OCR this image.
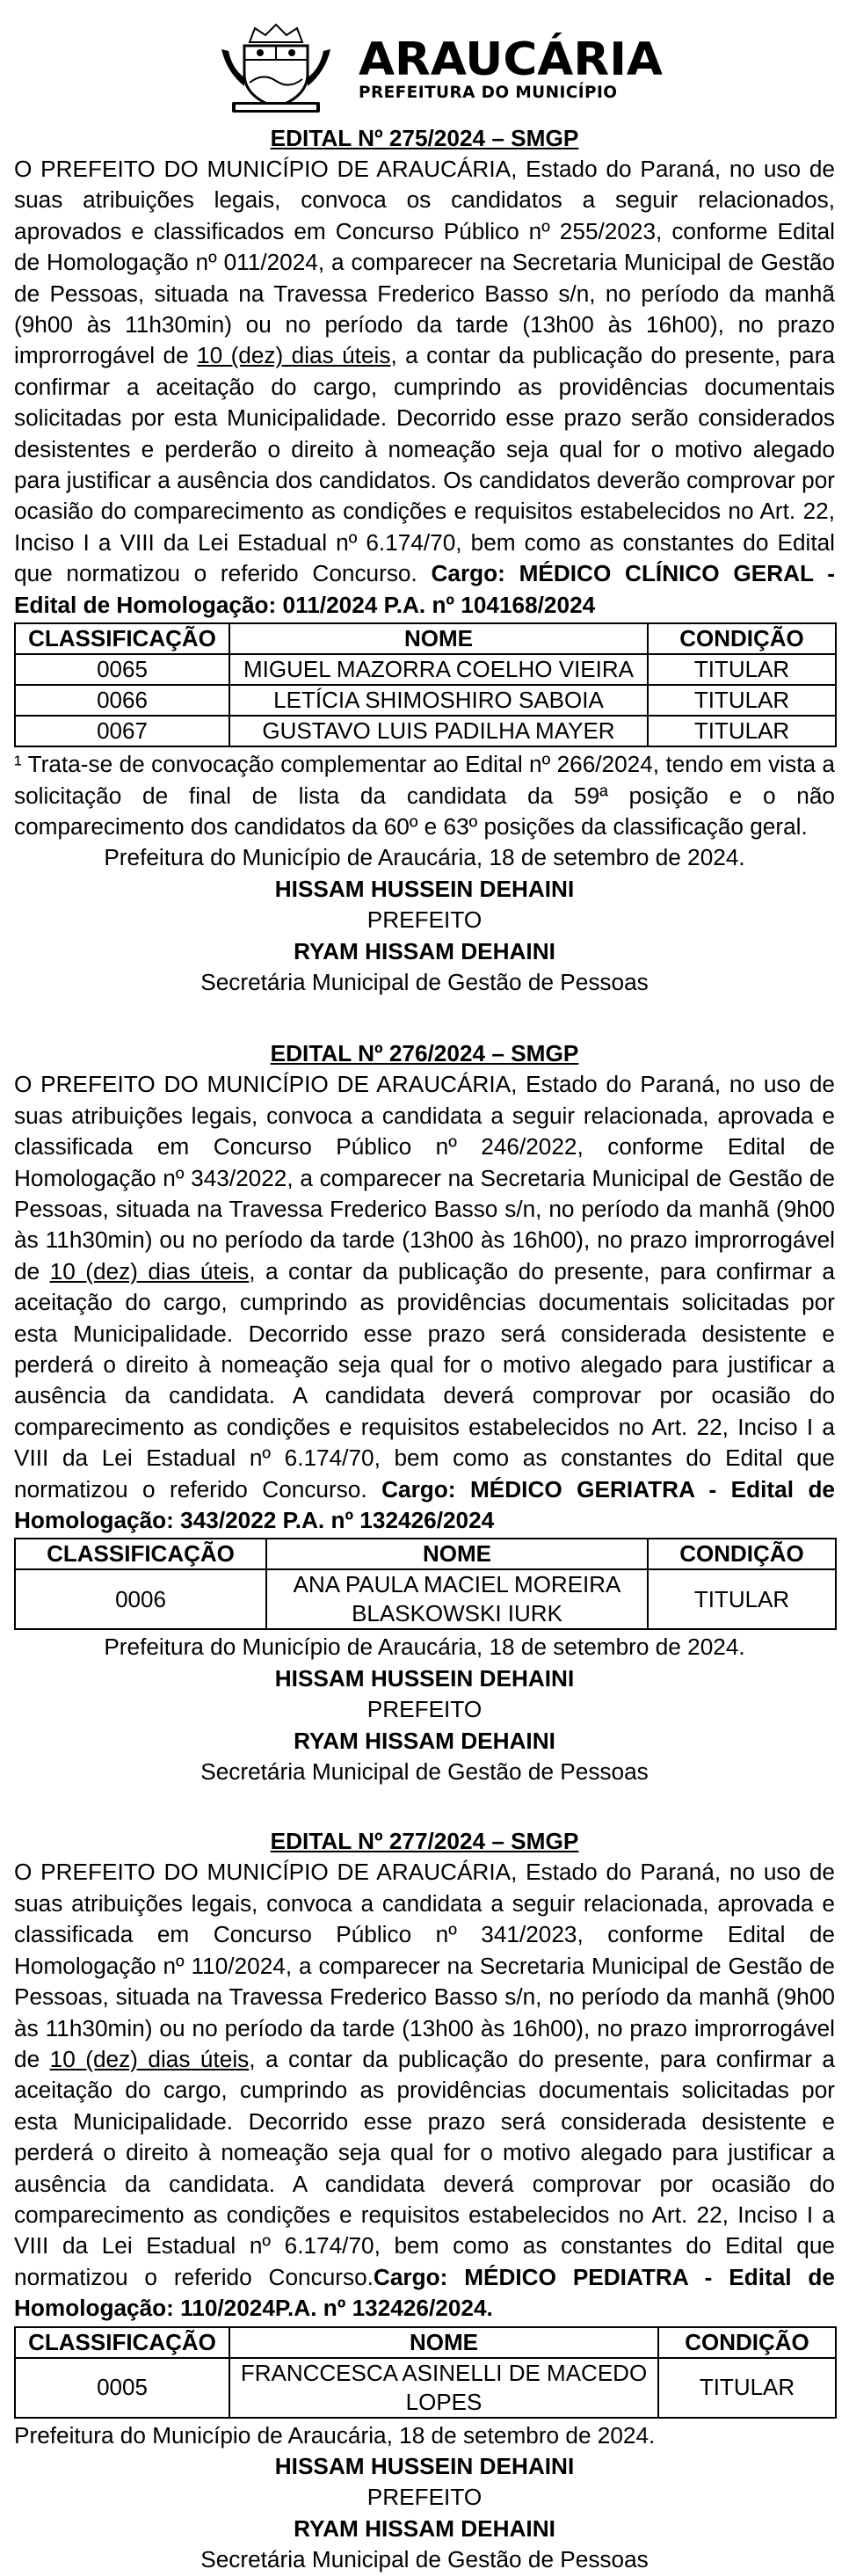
ARAUCÁRIA
PREFEITURA DO MUNICÍPIO
EDITAL Nº 275/2024 – SMGP
O PREFEITO DO MUNICÍPIO DE ARAUCÁRIA, Estado do Paraná, no uso de suas atribuições legais, convoca os candidatos a seguir relacionados, aprovados e classificados em Concurso Público nº 255/2023, conforme Edital de Homologação nº 011/2024, a comparecer na Secretaria Municipal de Gestão de Pessoas, situada na Travessa Frederico Basso s/n, no período da manhã (9h00 às 11h30min) ou no período da tarde (13h00 às 16h00), no prazo improrrogável de 10 (dez) dias úteis, a contar da publicação do presente, para confirmar a aceitação do cargo, cumprindo as providências documentais solicitadas por esta Municipalidade. Decorrido esse prazo serão considerados desistentes e perderão o direito à nomeação seja qual for o motivo alegado para justificar a ausência dos candidatos. Os candidatos deverão comprovar por ocasião do comparecimento as condições e requisitos estabelecidos no Art. 22, Inciso I a VIII da Lei Estadual nº 6.174/70, bem como as constantes do Edital que normatizou o referido Concurso. Cargo: MÉDICO CLÍNICO GERAL - Edital de Homologação: 011/2024 P.A. nº 104168/2024
CLASSIFICAÇÃO	NOME	CONDIÇÃO
0065	MIGUEL MAZORRA COELHO VIEIRA	TITULAR
0066	LETÍCIA SHIMOSHIRO SABOIA	TITULAR
0067	GUSTAVO LUIS PADILHA MAYER	TITULAR
¹ Trata-se de convocação complementar ao Edital nº 266/2024, tendo em vista a solicitação de final de lista da candidata da 59ª posição e o não comparecimento dos candidatos da 60º e 63º posições da classificação geral.
Prefeitura do Município de Araucária, 18 de setembro de 2024.
HISSAM HUSSEIN DEHAINI
PREFEITO
RYAM HISSAM DEHAINI
Secretária Municipal de Gestão de Pessoas
EDITAL Nº 276/2024 – SMGP
O PREFEITO DO MUNICÍPIO DE ARAUCÁRIA, Estado do Paraná, no uso de suas atribuições legais, convoca a candidata a seguir relacionada, aprovada e classificada em Concurso Público nº 246/2022, conforme Edital de Homologação nº 343/2022, a comparecer na Secretaria Municipal de Gestão de Pessoas, situada na Travessa Frederico Basso s/n, no período da manhã (9h00 às 11h30min) ou no período da tarde (13h00 às 16h00), no prazo improrrogável de 10 (dez) dias úteis, a contar da publicação do presente, para confirmar a aceitação do cargo, cumprindo as providências documentais solicitadas por esta Municipalidade. Decorrido esse prazo será considerada desistente e perderá o direito à nomeação seja qual for o motivo alegado para justificar a ausência da candidata. A candidata deverá comprovar por ocasião do comparecimento as condições e requisitos estabelecidos no Art. 22, Inciso I a VIII da Lei Estadual nº 6.174/70, bem como as constantes do Edital que normatizou o referido Concurso. Cargo: MÉDICO GERIATRA - Edital de Homologação: 343/2022 P.A. nº 132426/2024
CLASSIFICAÇÃO	NOME	CONDIÇÃO
0006	ANA PAULA MACIEL MOREIRA BLASKOWSKI IURK	TITULAR
Prefeitura do Município de Araucária, 18 de setembro de 2024.
HISSAM HUSSEIN DEHAINI
PREFEITO
RYAM HISSAM DEHAINI
Secretária Municipal de Gestão de Pessoas
EDITAL Nº 277/2024 – SMGP
O PREFEITO DO MUNICÍPIO DE ARAUCÁRIA, Estado do Paraná, no uso de suas atribuições legais, convoca a candidata a seguir relacionada, aprovada e classificada em Concurso Público nº 341/2023, conforme Edital de Homologação nº 110/2024, a comparecer na Secretaria Municipal de Gestão de Pessoas, situada na Travessa Frederico Basso s/n, no período da manhã (9h00 às 11h30min) ou no período da tarde (13h00 às 16h00), no prazo improrrogável de 10 (dez) dias úteis, a contar da publicação do presente, para confirmar a aceitação do cargo, cumprindo as providências documentais solicitadas por esta Municipalidade. Decorrido esse prazo será considerada desistente e perderá o direito à nomeação seja qual for o motivo alegado para justificar a ausência da candidata. A candidata deverá comprovar por ocasião do comparecimento as condições e requisitos estabelecidos no Art. 22, Inciso I a VIII da Lei Estadual nº 6.174/70, bem como as constantes do Edital que normatizou o referido Concurso.Cargo: MÉDICO PEDIATRA - Edital de Homologação: 110/2024P.A. nº 132426/2024.
CLASSIFICAÇÃO	NOME	CONDIÇÃO
0005	FRANCCESCA ASINELLI DE MACEDO LOPES	TITULAR
Prefeitura do Município de Araucária, 18 de setembro de 2024.
HISSAM HUSSEIN DEHAINI
PREFEITO
RYAM HISSAM DEHAINI
Secretária Municipal de Gestão de Pessoas
